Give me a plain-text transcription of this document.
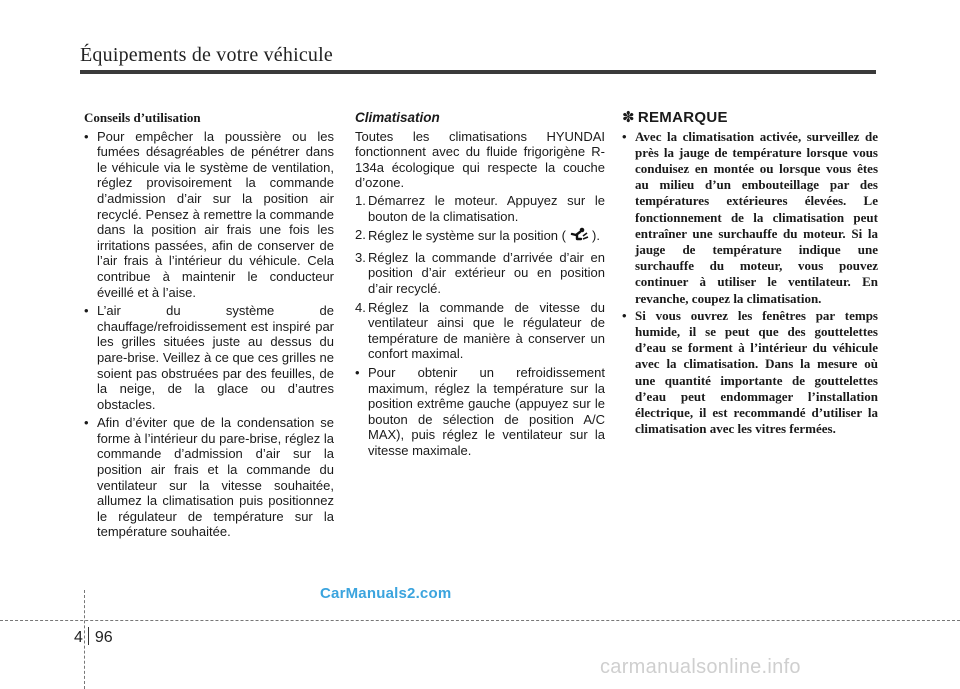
Équipements de votre véhicule
Conseils d’utilisation
• Pour empêcher la poussière ou les fumées désagréables de pénétrer dans le véhicule via le système de ventilation, réglez provisoirement la commande d’admission d’air sur la position air recyclé. Pensez à remettre la commande dans la position air frais une fois les irritations passées, afin de conserver de l’air frais à l’intérieur du véhicule. Cela contribue à maintenir le conducteur éveillé et à l’aise.
• L’air du système de chauffage/refroidissement est inspiré par les grilles situées juste au dessus du pare-brise. Veillez à ce que ces grilles ne soient pas obstruées par des feuilles, de la neige, de la glace ou d’autres obstacles.
• Afin d’éviter que de la condensation se forme à l’intérieur du pare-brise, réglez la commande d’admission d’air sur la position air frais et la commande du ventilateur sur la vitesse souhaitée, allumez la climatisation puis positionnez le régulateur de température sur la température souhaitée.
Climatisation

Toutes les climatisations HYUNDAI fonctionnent avec du fluide frigorigène R-134a écologique qui respecte la couche d’ozone.

1. Démarrez le moteur. Appuyez sur le bouton de la climatisation.
2. Réglez le système sur la position ( ).
3. Réglez la commande d’arrivée d’air en position d’air extérieur ou en position d’air recyclé.
4. Réglez la commande de vitesse du ventilateur ainsi que le régulateur de température de manière à conserver un confort maximal.
• Pour obtenir un refroidissement maximum, réglez la température sur la position extrême gauche (appuyez sur le bouton de sélection de position A/C MAX), puis réglez le ventilateur sur la vitesse maximale.
✽ REMARQUE
• Avec la climatisation activée, surveillez de près la jauge de température lorsque vous conduisez en montée ou lorsque vous êtes au milieu d’un embouteillage par des températures extérieures élevées. Le fonctionnement de la climatisation peut entraîner une surchauffe du moteur. Si la jauge de température indique une surchauffe du moteur, vous pouvez continuer à utiliser le ventilateur. En revanche, coupez la climatisation.
• Si vous ouvrez les fenêtres par temps humide, il se peut que des gouttelettes d’eau se forment à l’intérieur du véhicule avec la climatisation. Dans la mesure où une quantité importante de gouttelettes d’eau peut endommager l’installation électrique, il est recommandé d’utiliser la climatisation avec les vitres fermées.
CarManuals2.com
4 96
carmanualsonline.info
